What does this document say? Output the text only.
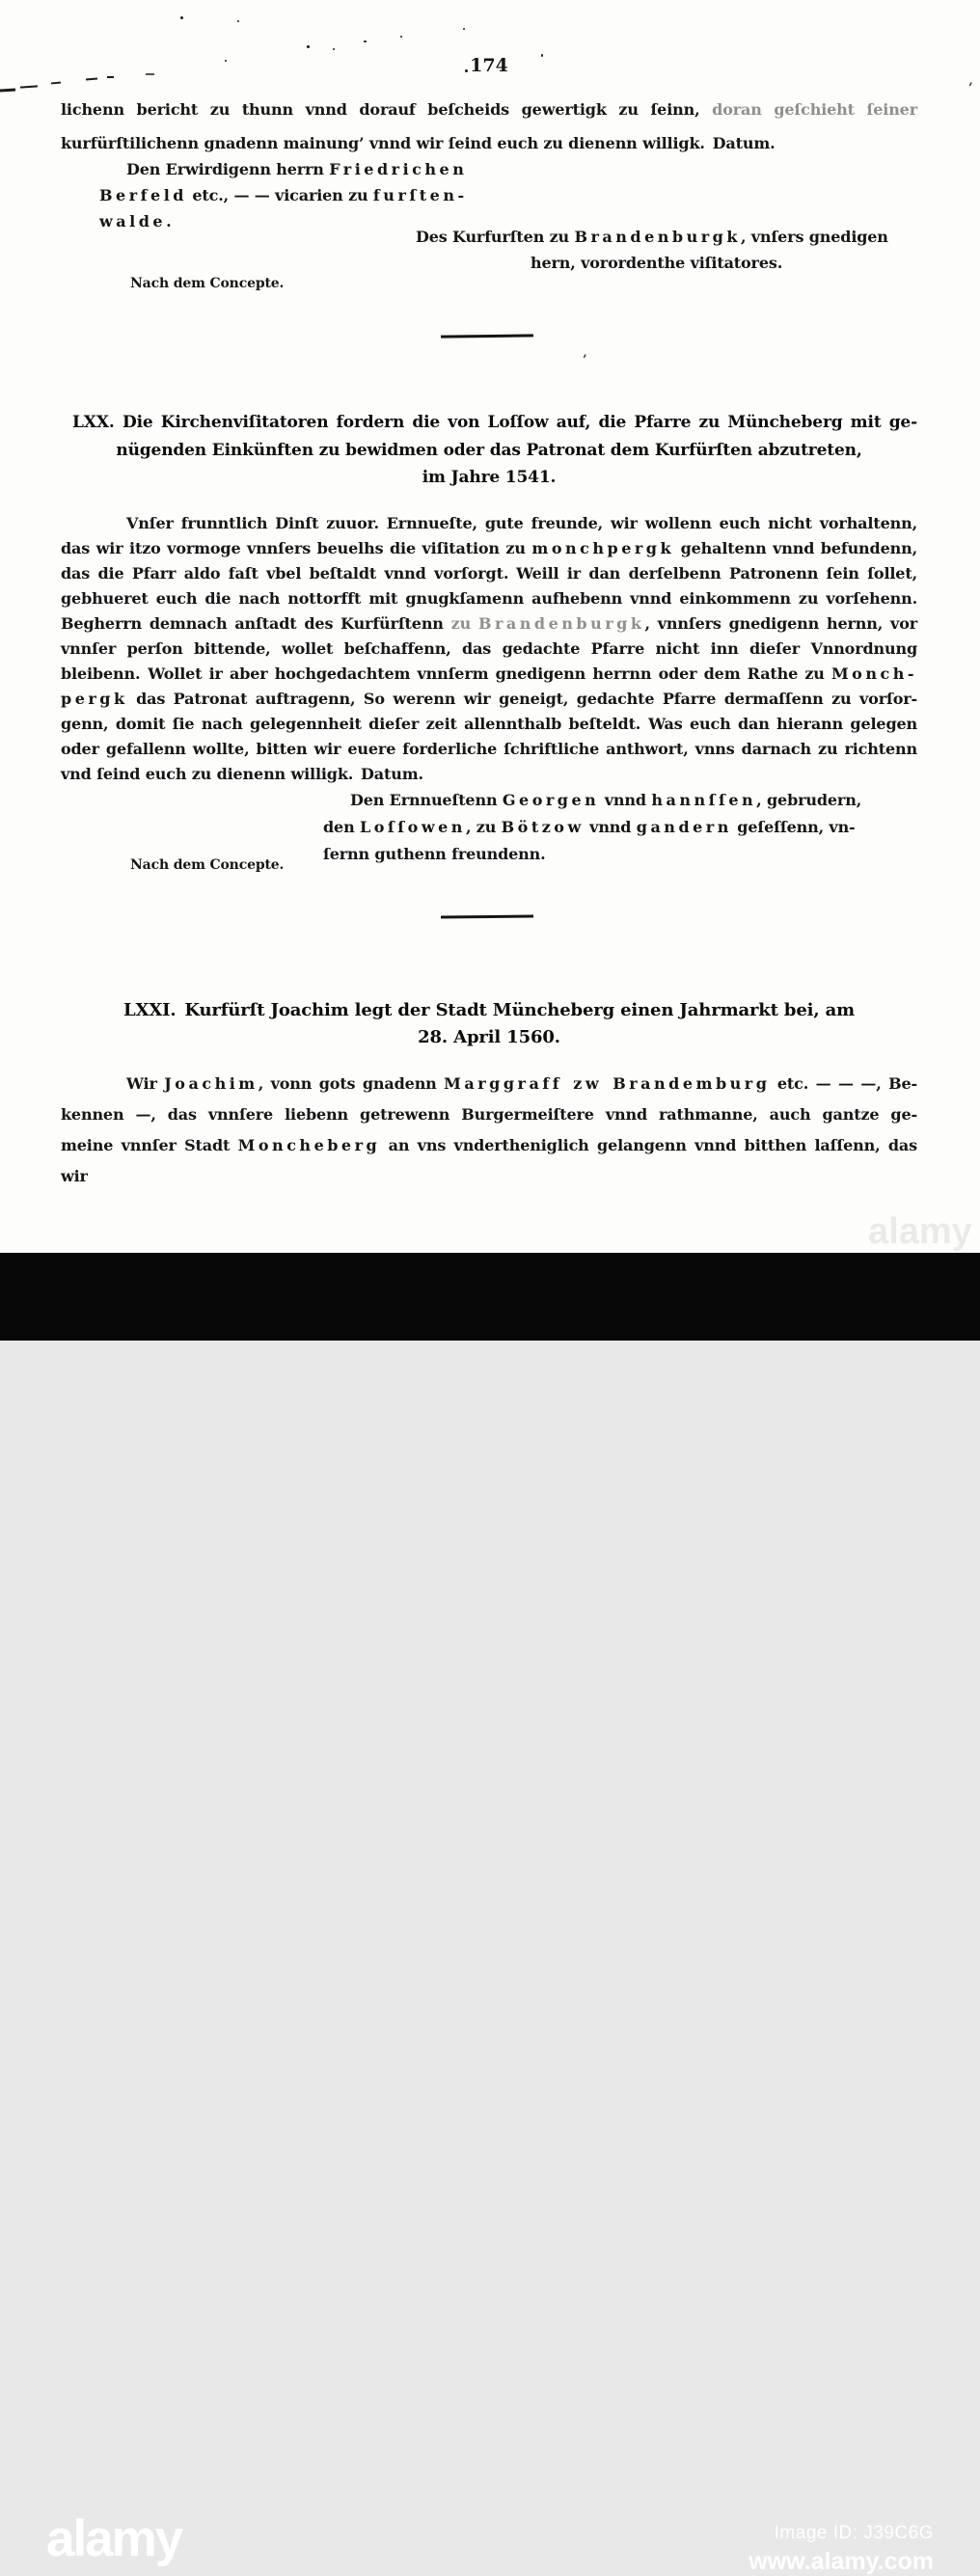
’
’
174
lichenn bericht zu thunn vnnd dorauf beſcheids gewertigk zu ſeinn, doran geſchieht ſeiner
kurfürſtilichenn gnadenn mainung’ vnnd wir ſeind euch zu dienenn willigk. Datum.
Den Erwirdigenn herrn Friedrichen
Berfeld etc., — — vicarien zu furſten-
walde.
Des Kurfurſten zu Brandenburgk, vnſers gnedigen
hern, vorordenthe viſitatores.
Nach dem Concepte.
LXX. Die Kirchenviſitatoren fordern die von Loſſow auf, die Pfarre zu Müncheberg mit ge-
nügenden Einkünften zu bewidmen oder das Patronat dem Kurfürſten abzutreten,
im Jahre 1541.
Vnſer frunntlich Dinſt zuuor. Ernnueſte, gute freunde, wir wollenn euch nicht vorhaltenn,
das wir itzo vormoge vnnſers beuelhs die viſitation zu monchpergk gehaltenn vnnd befundenn,
das die Pfarr aldo faſt vbel beſtaldt vnnd vorſorgt. Weill ir dan derſelbenn Patronenn ſein ſollet,
gebhueret euch die nach nottorfft mit gnugkſamenn aufhebenn vnnd einkommenn zu vorſehenn.
Begherrn demnach anſtadt des Kurfürſtenn zu Brandenburgk, vnnſers gnedigenn hernn, vor
vnnſer perſon bittende, wollet beſchaffenn, das gedachte Pfarre nicht inn dieſer Vnnordnung
bleibenn. Wollet ir aber hochgedachtem vnnſerm gnedigenn herrnn oder dem Rathe zu Monch-
pergk das Patronat auftragenn, So werenn wir geneigt, gedachte Pfarre dermaſſenn zu vorſor-
genn, domit ſie nach gelegennheit dieſer zeit allennthalb beſteldt. Was euch dan hierann gelegen
oder gefallenn wollte, bitten wir euere forderliche ſchriftliche anthwort, vnns darnach zu richtenn
vnd ſeind euch zu dienenn willigk. Datum.
Den Ernnueſtenn Georgen vnnd hannſſen, gebrudern,
den Loſſowen, zu Bötzow vnnd gandern geſeſſenn, vn-
ſernn guthenn freundenn.
Nach dem Concepte.
LXXI. Kurfürſt Joachim legt der Stadt Müncheberg einen Jahrmarkt bei, am
28. April 1560.
Wir Joachim, vonn gots gnadenn Marggraff zw Brandemburg etc. — — —, Be-
kennen —, das vnnſere liebenn getrewenn Burgermeiſtere vnnd rathmanne, auch gantze ge-
meine vnnſer Stadt Moncheberg an vns vndertheniglich gelangenn vnnd bitthen laſſenn, das wir
alamy
alamy	Image ID: J39C6G
www.alamy.com
